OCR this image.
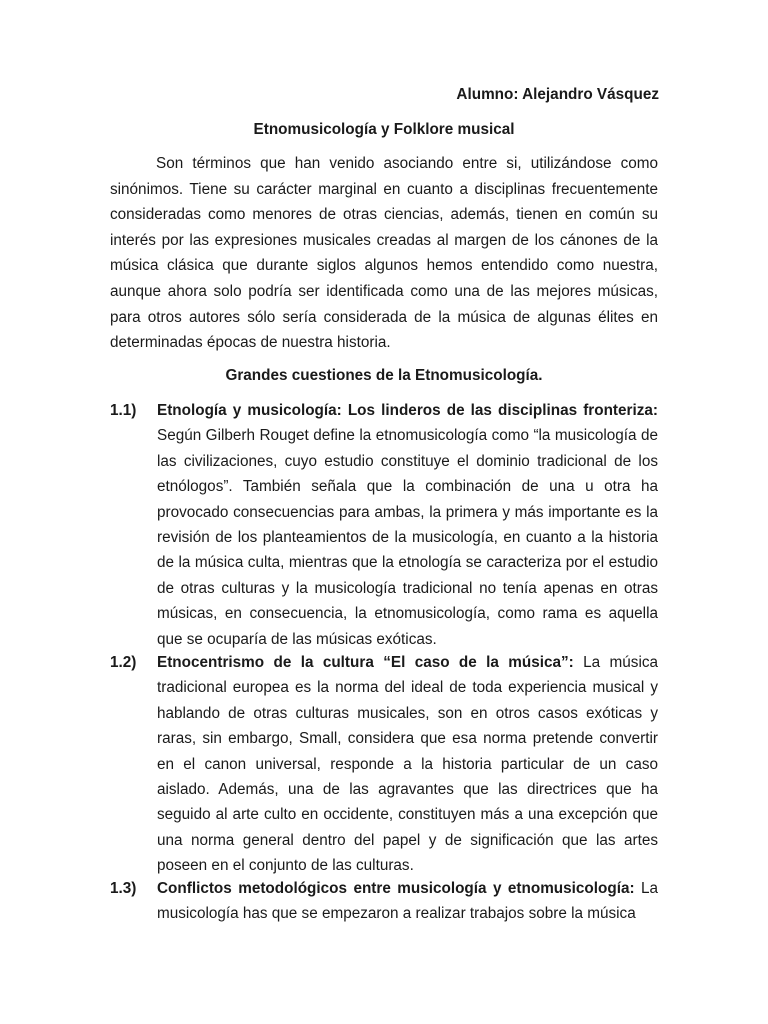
Alumno: Alejandro Vásquez
Etnomusicología y Folklore musical

Son términos que han venido asociando entre si, utilizándose como sinónimos. Tiene su carácter marginal en cuanto a disciplinas frecuentemente consideradas como menores de otras ciencias, además, tienen en común su interés por las expresiones musicales creadas al margen de los cánones de la música clásica que durante siglos algunos hemos entendido como nuestra, aunque ahora solo podría ser identificada como una de las mejores músicas, para otros autores sólo sería considerada de la música de algunas élites en determinadas épocas de nuestra historia.

Grandes cuestiones de la Etnomusicología.
1.1) Etnología y musicología: Los linderos de las disciplinas fronteriza: Según Gilberh Rouget define la etnomusicología como “la musicología de las civilizaciones, cuyo estudio constituye el dominio tradicional de los etnólogos”. También señala que la combinación de una u otra ha provocado consecuencias para ambas, la primera y más importante es la revisión de los planteamientos de la musicología, en cuanto a la historia de la música culta, mientras que la etnología se caracteriza por el estudio de otras culturas y la musicología tradicional no tenía apenas en otras músicas, en consecuencia, la etnomusicología, como rama es aquella que se ocuparía de las músicas exóticas.

1.2) Etnocentrismo de la cultura “El caso de la música”: La música tradicional europea es la norma del ideal de toda experiencia musical y hablando de otras culturas musicales, son en otros casos exóticas y raras, sin embargo, Small, considera que esa norma pretende convertir en el canon universal, responde a la historia particular de un caso aislado. Además, una de las agravantes que las directrices que ha seguido al arte culto en occidente, constituyen más a una excepción que una norma general dentro del papel y de significación que las artes poseen en el conjunto de las culturas.

1.3) Conflictos metodológicos entre musicología y etnomusicología: La musicología has que se empezaron a realizar trabajos sobre la música
